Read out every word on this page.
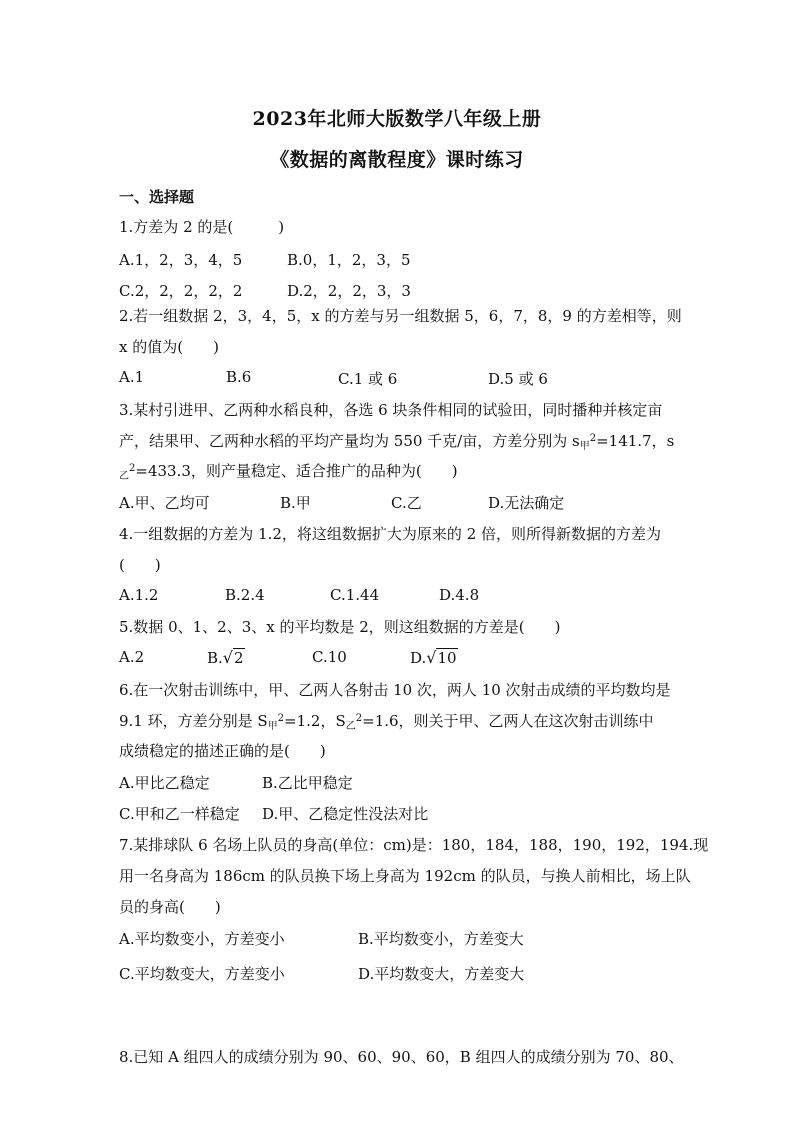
2023年北师大版数学八年级上册
《数据的离散程度》课时练习
一、选择题
1.方差为 2 的是(　　　)
A.1，2，3，4，5	B.0，1，2，3，5
C.2，2，2，2，2	D.2，2，2，3，3
2.若一组数据 2，3，4，5，x 的方差与另一组数据 5，6，7，8，9 的方差相等，则
x 的值为(　　)
A.1	B.6	C.1 或 6	D.5 或 6
3.某村引进甲、乙两种水稻良种，各选 6 块条件相同的试验田，同时播种并核定亩
产，结果甲、乙两种水稻的平均产量均为 550 千克/亩，方差分别为 $s_甲^2=141.7$，s
$_乙^2$=433.3，则产量稳定、适合推广的品种为(　　)
A.甲、乙均可	B.甲	C.乙	D.无法确定
4.一组数据的方差为 1.2，将这组数据扩大为原来的 2 倍，则所得新数据的方差为
(　　)
A.1.2	B.2.4	C.1.44	D.4.8
5.数据 0、1、2、3、x 的平均数是 2，则这组数据的方差是(　　)
A.2	B.√2	C.10	D.√10
6.在一次射击训练中，甲、乙两人各射击 10 次，两人 10 次射击成绩的平均数均是
9.1 环，方差分别是 $S_甲^2=1.2$，$S_乙^2=1.6$，则关于甲、乙两人在这次射击训练中
成绩稳定的描述正确的是(　　)
A.甲比乙稳定	B.乙比甲稳定
C.甲和乙一样稳定 D.甲、乙稳定性没法对比
7.某排球队 6 名场上队员的身高(单位：cm)是：180，184，188，190，192，194.现
用一名身高为 186cm 的队员换下场上身高为 192cm 的队员，与换人前相比，场上队
员的身高(　　)
A.平均数变小，方差变小	B.平均数变小，方差变大
C.平均数变大，方差变小	D.平均数变大，方差变大
8.已知 A 组四人的成绩分别为 90、60、90、60，B 组四人的成绩分别为 70、80、
